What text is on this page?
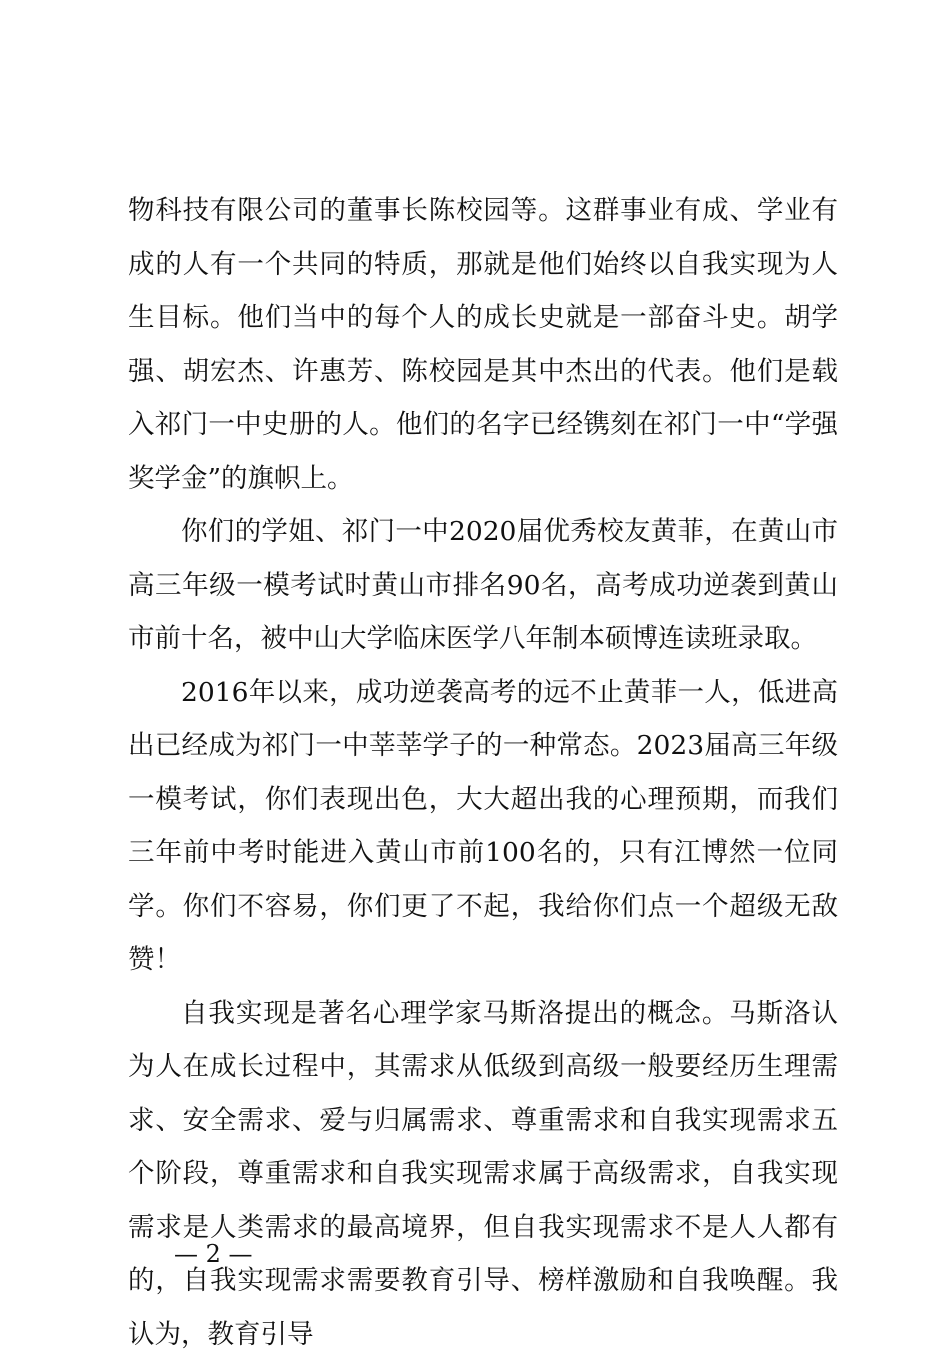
物科技有限公司的董事长陈校园等。这群事业有成、学业有成的人有一个共同的特质，那就是他们始终以自我实现为人生目标。他们当中的每个人的成长史就是一部奋斗史。胡学强、胡宏杰、许惠芳、陈校园是其中杰出的代表。他们是载入祁门一中史册的人。他们的名字已经镌刻在祁门一中“学强奖学金”的旗帜上。

你们的学姐、祁门一中2020届优秀校友黄菲，在黄山市高三年级一模考试时黄山市排名90名，高考成功逆袭到黄山市前十名，被中山大学临床医学八年制本硕博连读班录取。

2016年以来，成功逆袭高考的远不止黄菲一人，低进高出已经成为祁门一中莘莘学子的一种常态。2023届高三年级一模考试，你们表现出色，大大超出我的心理预期，而我们三年前中考时能进入黄山市前100名的，只有江博然一位同学。你们不容易，你们更了不起，我给你们点一个超级无敌赞！

自我实现是著名心理学家马斯洛提出的概念。马斯洛认为人在成长过程中，其需求从低级到高级一般要经历生理需求、安全需求、爱与归属需求、尊重需求和自我实现需求五个阶段，尊重需求和自我实现需求属于高级需求，自我实现需求是人类需求的最高境界，但自我实现需求不是人人都有的，自我实现需求需要教育引导、榜样激励和自我唤醒。我认为，教育引导

— 2 —
